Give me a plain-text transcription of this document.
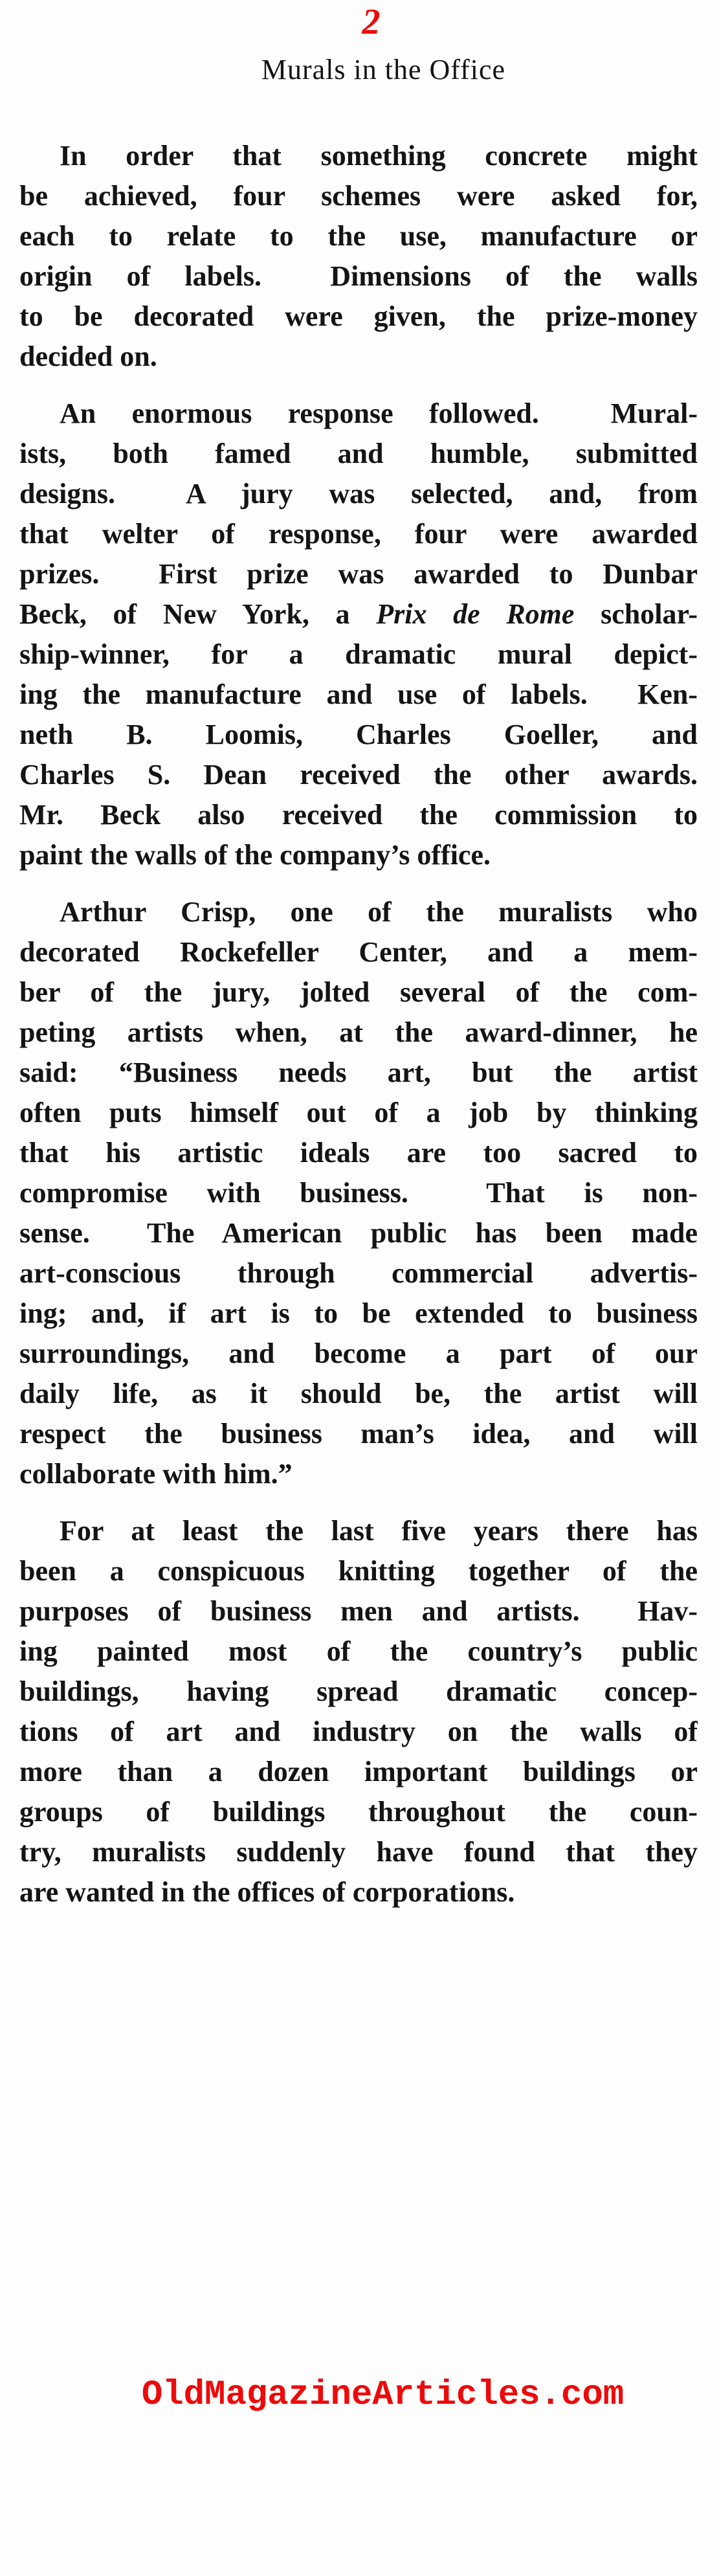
2
Murals in the Office
In order that something concrete might
be achieved, four schemes were asked for,
each to relate to the use, manufacture or
origin of labels.  Dimensions of the walls
to be decorated were given, the prize-money
decided on.
An enormous response followed.  Mural-
ists, both famed and humble, submitted
designs.  A jury was selected, and, from
that welter of response, four were awarded
prizes.  First prize was awarded to Dunbar
Beck, of New York, a Prix de Rome scholar-
ship-winner, for a dramatic mural depict-
ing the manufacture and use of labels.  Ken-
neth B. Loomis, Charles Goeller, and
Charles S. Dean received the other awards.
Mr. Beck also received the commission to
paint the walls of the company’s office.
Arthur Crisp, one of the muralists who
decorated Rockefeller Center, and a mem-
ber of the jury, jolted several of the com-
peting artists when, at the award-dinner, he
said: “Business needs art, but the artist
often puts himself out of a job by thinking
that his artistic ideals are too sacred to
compromise with business.  That is non-
sense.  The American public has been made
art-conscious through commercial advertis-
ing; and, if art is to be extended to business
surroundings, and become a part of our
daily life, as it should be, the artist will
respect the business man’s idea, and will
collaborate with him.”
For at least the last five years there has
been a conspicuous knitting together of the
purposes of business men and artists.  Hav-
ing painted most of the country’s public
buildings, having spread dramatic concep-
tions of art and industry on the walls of
more than a dozen important buildings or
groups of buildings throughout the coun-
try, muralists suddenly have found that they
are wanted in the offices of corporations.
OldMagazineArticles.com
